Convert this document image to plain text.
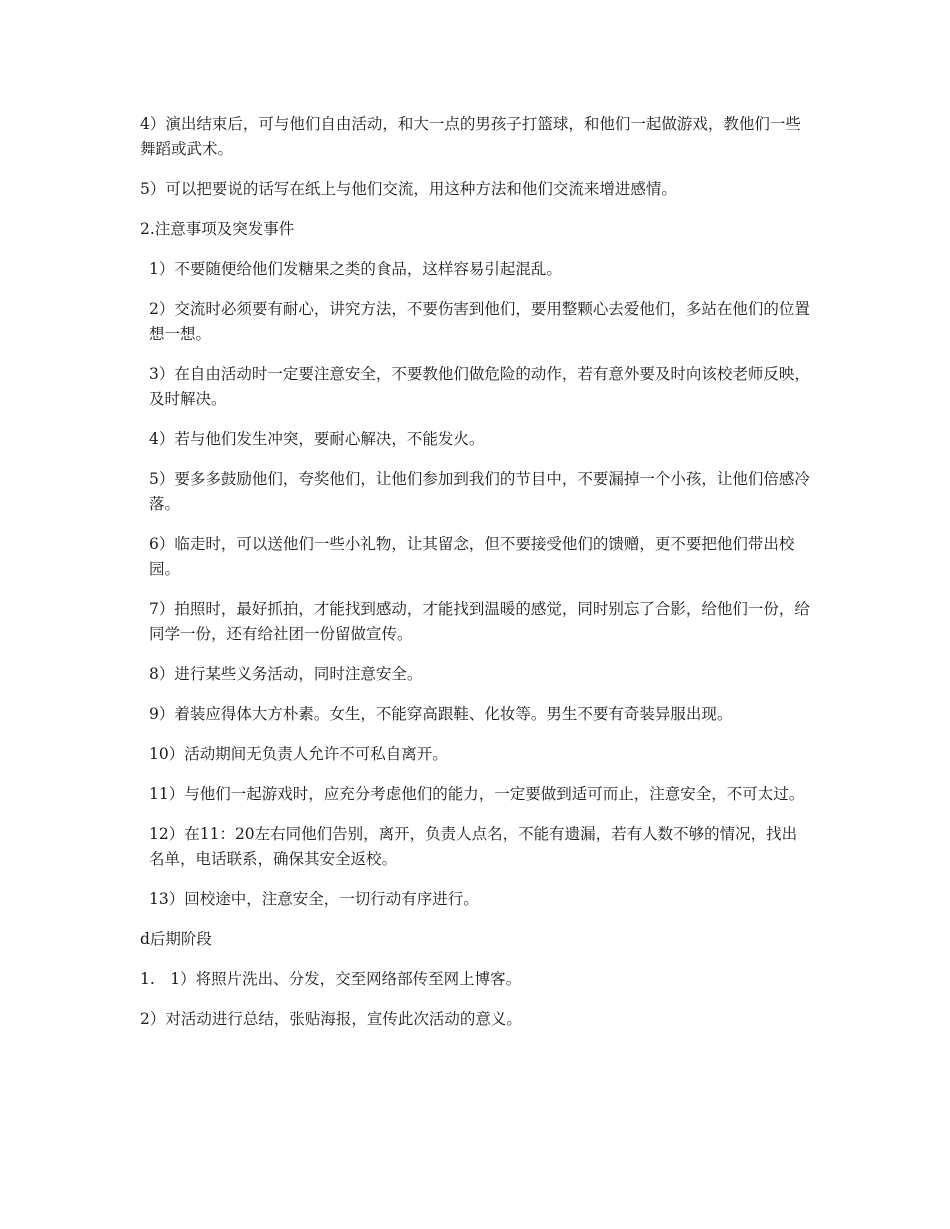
4）演出结束后，可与他们自由活动，和大一点的男孩子打篮球，和他们一起做游戏，教他们一些舞蹈或武术。

5）可以把要说的话写在纸上与他们交流，用这种方法和他们交流来增进感情。

2.注意事项及突发事件

1）不要随便给他们发糖果之类的食品，这样容易引起混乱。

2）交流时必须要有耐心，讲究方法，不要伤害到他们，要用整颗心去爱他们，多站在他们的位置想一想。

3）在自由活动时一定要注意安全，不要教他们做危险的动作，若有意外要及时向该校老师反映，及时解决。

4）若与他们发生冲突，要耐心解决，不能发火。

5）要多多鼓励他们，夸奖他们，让他们参加到我们的节目中，不要漏掉一个小孩，让他们倍感冷落。

6）临走时，可以送他们一些小礼物，让其留念，但不要接受他们的馈赠，更不要把他们带出校园。

7）拍照时，最好抓拍，才能找到感动，才能找到温暖的感觉，同时别忘了合影，给他们一份，给同学一份，还有给社团一份留做宣传。

8）进行某些义务活动，同时注意安全。

9）着装应得体大方朴素。女生，不能穿高跟鞋、化妆等。男生不要有奇装异服出现。

10）活动期间无负责人允许不可私自离开。

11）与他们一起游戏时，应充分考虑他们的能力，一定要做到适可而止，注意安全，不可太过。

12）在11：20左右同他们告别，离开，负责人点名，不能有遗漏，若有人数不够的情况，找出名单，电话联系，确保其安全返校。

13）回校途中，注意安全，一切行动有序进行。

d后期阶段

1.　1）将照片洗出、分发，交至网络部传至网上博客。

2）对活动进行总结，张贴海报，宣传此次活动的意义。
